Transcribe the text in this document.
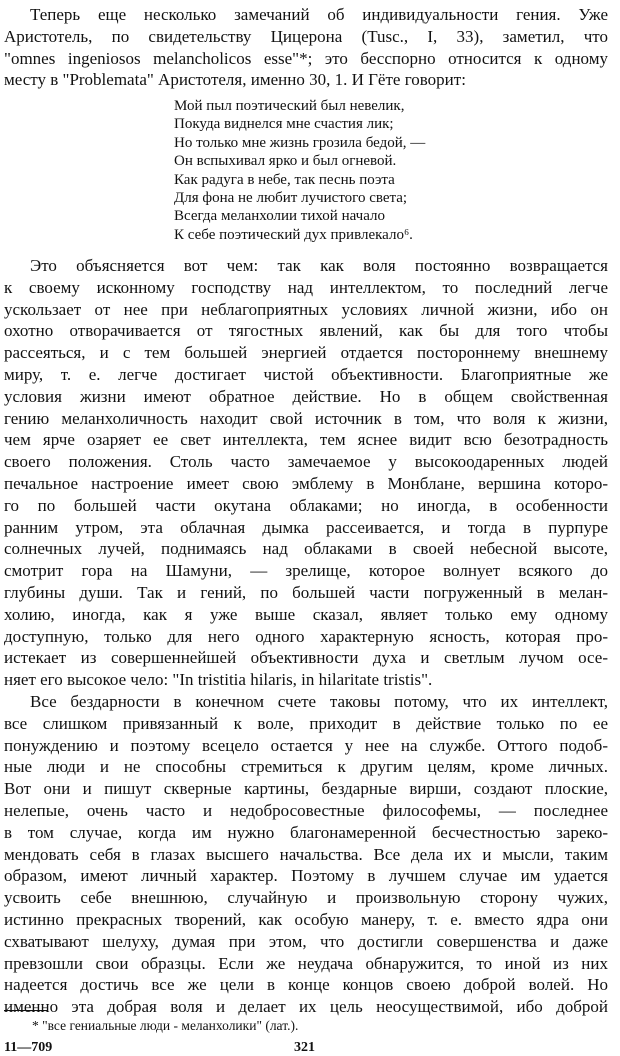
Теперь еще несколько замечаний об индивидуальности гения. Уже
Аристотель, по свидетельству Цицерона (Tusc., I, 33), заметил, что
"omnes ingeniosos melancholicos esse"*; это бесспорно относится к одному
месту в "Problemata" Аристотеля, именно 30, 1. И Гёте говорит:
Мой пыл поэтический был невелик,
Покуда виднелся мне счастия лик;
Но только мне жизнь грозила бедой, —
Он вспыхивал ярко и был огневой.
Как радуга в небе, так песнь поэта
Для фона не любит лучистого света;
Всегда меланхолии тихой начало
К себе поэтический дух привлекало⁶.
Это объясняется вот чем: так как воля постоянно возвращается
к своему исконному господству над интеллектом, то последний легче
ускользает от нее при неблагоприятных условиях личной жизни, ибо он
охотно отворачивается от тягостных явлений, как бы для того чтобы
рассеяться, и с тем большей энергией отдается постороннему внешнему
миру, т. е. легче достигает чистой объективности. Благоприятные же
условия жизни имеют обратное действие. Но в общем свойственная
гению меланхоличность находит свой источник в том, что воля к жизни,
чем ярче озаряет ее свет интеллекта, тем яснее видит всю безотрадность
своего положения. Столь часто замечаемое у высокоодаренных людей
печальное настроение имеет свою эмблему в Монблане, вершина которо-
го по большей части окутана облаками; но иногда, в особенности
ранним утром, эта облачная дымка рассеивается, и тогда в пурпуре
солнечных лучей, поднимаясь над облаками в своей небесной высоте,
смотрит гора на Шамуни, — зрелище, которое волнует всякого до
глубины души. Так и гений, по большей части погруженный в мелан-
холию, иногда, как я уже выше сказал, являет только ему одному
доступную, только для него одного характерную ясность, которая про-
истекает из совершеннейшей объективности духа и светлым лучом осе-
няет его высокое чело: "In tristitia hilaris, in hilaritate tristis".
Все бездарности в конечном счете таковы потому, что их интеллект,
все слишком привязанный к воле, приходит в действие только по ее
понуждению и поэтому всецело остается у нее на службе. Оттого подоб-
ные люди и не способны стремиться к другим целям, кроме личных.
Вот они и пишут скверные картины, бездарные вирши, создают плоские,
нелепые, очень часто и недобросовестные философемы, — последнее
в том случае, когда им нужно благонамеренной бесчестностью зареко-
мендовать себя в глазах высшего начальства. Все дела их и мысли, таким
образом, имеют личный характер. Поэтому в лучшем случае им удается
усвоить себе внешнюю, случайную и произвольную сторону чужих,
истинно прекрасных творений, как особую манеру, т. е. вместо ядра они
схватывают шелуху, думая при этом, что достигли совершенства и даже
превзошли свои образцы. Если же неудача обнаружится, то иной из них
надеется достичь все же цели в конце концов своею доброй волей. Но
именно эта добрая воля и делает их цель неосуществимой, ибо доброй
* "все гениальные люди - меланхолики" (лат.).
11—709	321
